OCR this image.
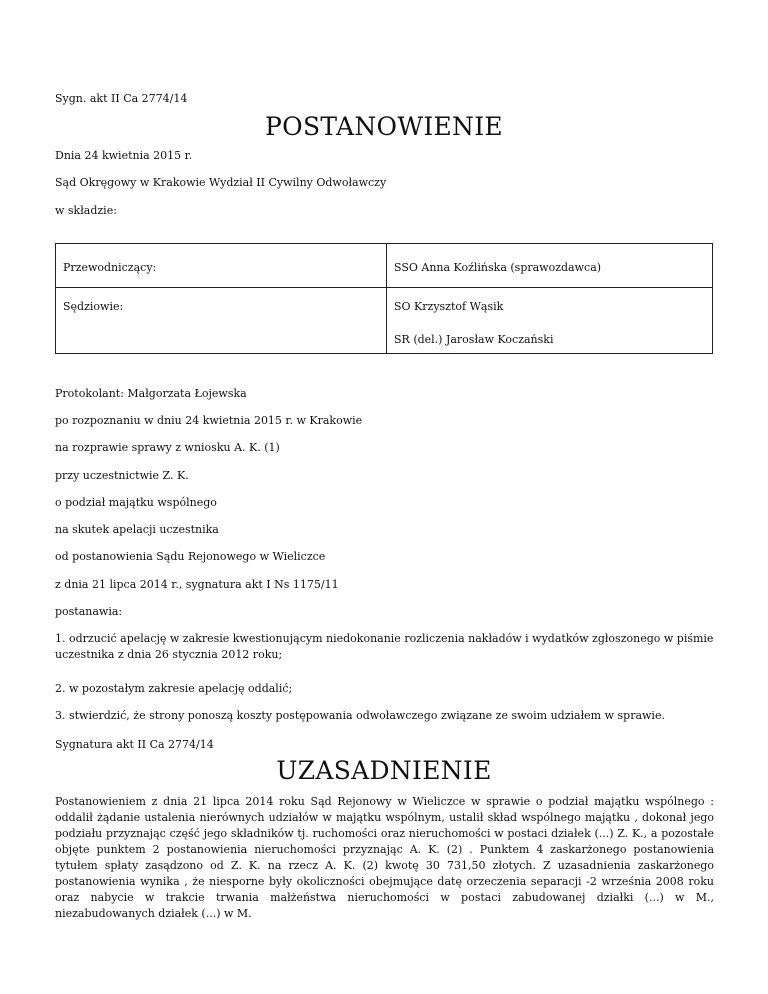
Sygn. akt II Ca 2774/14
POSTANOWIENIE
Dnia 24 kwietnia 2015 r.
Sąd Okręgowy w Krakowie Wydział II Cywilny Odwoławczy
w składzie:
Przewodniczący:	SSO Anna Koźlińska (sprawozdawca)

Sędziowie:	SO Krzysztof Wąsik
SR (del.) Jarosław Koczański
Protokolant: Małgorzata Łojewska
po rozpoznaniu w dniu 24 kwietnia 2015 r. w Krakowie
na rozprawie sprawy z wniosku A. K. (1)
przy uczestnictwie Z. K.
o podział majątku wspólnego
na skutek apelacji uczestnika
od postanowienia Sądu Rejonowego w Wieliczce
z dnia 21 lipca 2014 r., sygnatura akt I Ns 1175/11
postanawia:
1. odrzucić apelację w zakresie kwestionującym niedokonanie rozliczenia nakładów i wydatków zgłoszonego w piśmie uczestnika z dnia 26 stycznia 2012 roku;
2. w pozostałym zakresie apelację oddalić;
3. stwierdzić, że strony ponoszą koszty postępowania odwoławczego związane ze swoim udziałem w sprawie.
Sygnatura akt II Ca 2774/14
UZASADNIENIE
Postanowieniem z dnia 21 lipca 2014 roku Sąd Rejonowy w Wieliczce w sprawie o podział majątku wspólnego : oddalił żądanie ustalenia nierównych udziałów w majątku wspólnym, ustalił skład wspólnego majątku , dokonał jego podziału przyznając część jego składników tj. ruchomości oraz nieruchomości w postaci działek (...) Z. K., a pozostałe objęte punktem 2 postanowienia nieruchomości przyznając A. K. (2) . Punktem 4 zaskarżonego postanowienia tytułem spłaty zasądzono od Z. K. na rzecz A. K. (2) kwotę 30 731,50 złotych. Z uzasadnienia zaskarżonego postanowienia wynika , że niesporne były okoliczności obejmujące datę orzeczenia separacji -2 września 2008 roku oraz nabycie w trakcie trwania małżeństwa nieruchomości w postaci zabudowanej działki (...) w M., niezabudowanych działek (...) w M.
